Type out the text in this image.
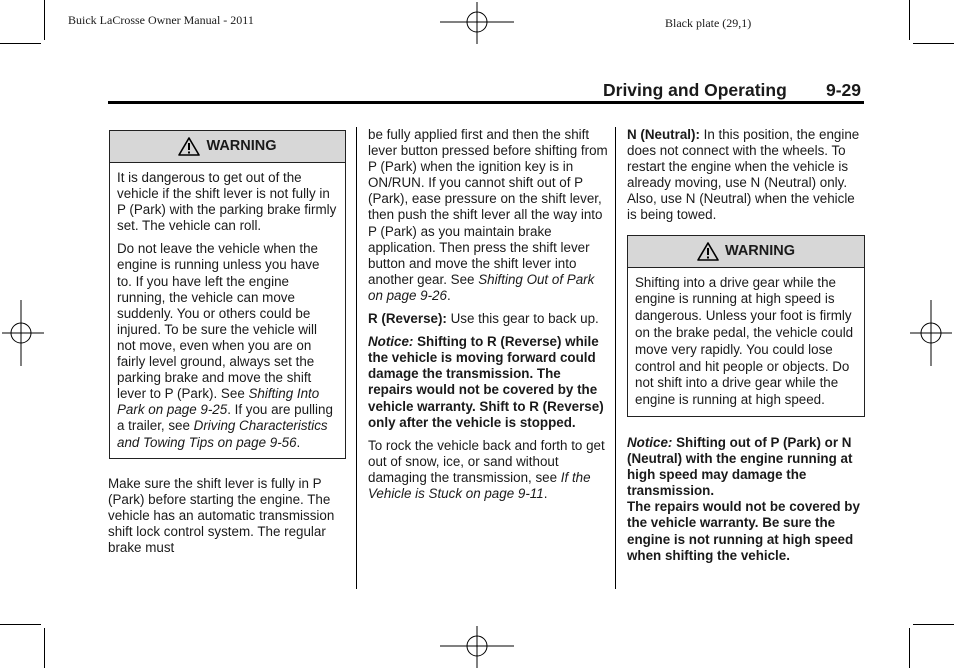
Buick LaCrosse Owner Manual - 2011	Black plate (29,1)
Driving and Operating 9-29
WARNING

It is dangerous to get out of the vehicle if the shift lever is not fully in P (Park) with the parking brake firmly set. The vehicle can roll.

Do not leave the vehicle when the engine is running unless you have to. If you have left the engine running, the vehicle can move suddenly. You or others could be injured. To be sure the vehicle will not move, even when you are on fairly level ground, always set the parking brake and move the shift lever to P (Park). See Shifting Into Park on page 9‑25. If you are pulling a trailer, see Driving Characteristics and Towing Tips on page 9‑56.

Make sure the shift lever is fully in P (Park) before starting the engine. The vehicle has an automatic transmission shift lock control system. The regular brake must

be fully applied first and then the shift lever button pressed before shifting from P (Park) when the ignition key is in ON/RUN. If you cannot shift out of P (Park), ease pressure on the shift lever, then push the shift lever all the way into P (Park) as you maintain brake application. Then press the shift lever button and move the shift lever into another gear. See Shifting Out of Park on page 9‑26.

R (Reverse): Use this gear to back up.

Notice: Shifting to R (Reverse) while the vehicle is moving forward could damage the transmission. The repairs would not be covered by the vehicle warranty. Shift to R (Reverse) only after the vehicle is stopped.

To rock the vehicle back and forth to get out of snow, ice, or sand without damaging the transmission, see If the Vehicle is Stuck on page 9‑11.

N (Neutral): In this position, the engine does not connect with the wheels. To restart the engine when the vehicle is already moving, use N (Neutral) only. Also, use N (Neutral) when the vehicle is being towed.

WARNING

Shifting into a drive gear while the engine is running at high speed is dangerous. Unless your foot is firmly on the brake pedal, the vehicle could move very rapidly. You could lose control and hit people or objects. Do not shift into a drive gear while the engine is running at high speed.

Notice: Shifting out of P (Park) or N (Neutral) with the engine running at high speed may damage the transmission.

The repairs would not be covered by the vehicle warranty. Be sure the engine is not running at high speed when shifting the vehicle.
